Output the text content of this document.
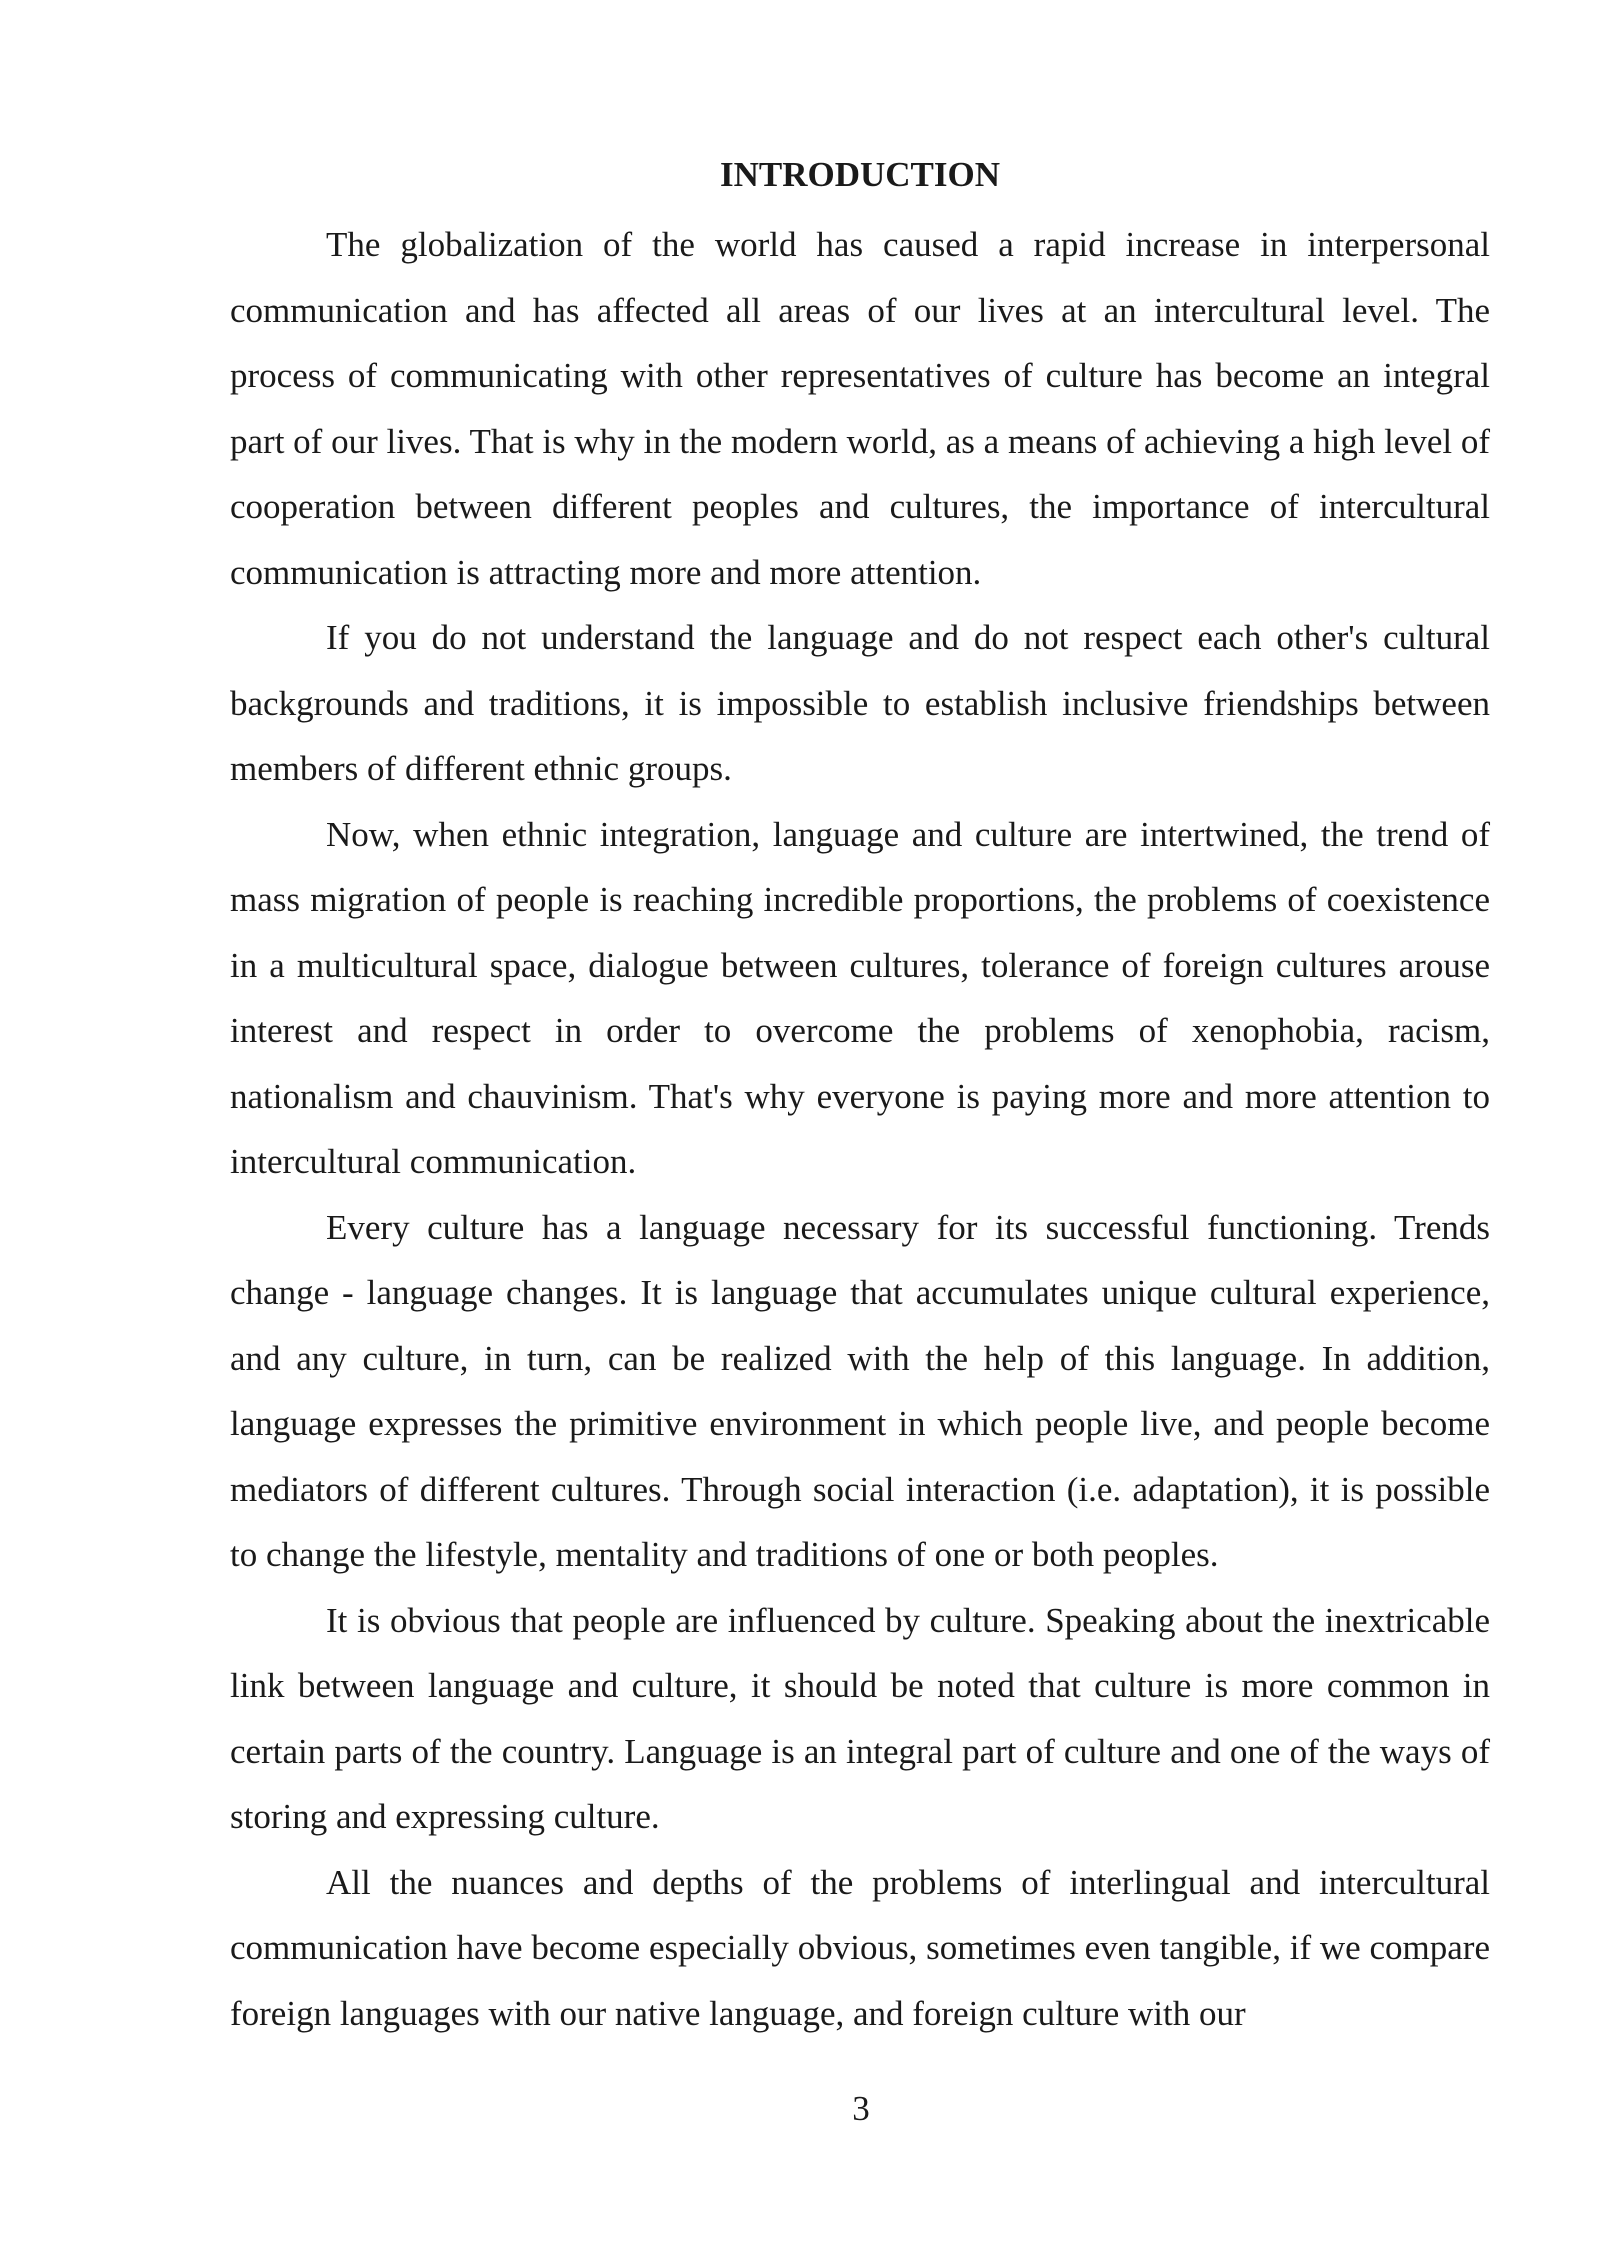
INTRODUCTION

The globalization of the world has caused a rapid increase in interpersonal communication and has affected all areas of our lives at an intercultural level. The process of communicating with other representatives of culture has become an integral part of our lives. That is why in the modern world, as a means of achieving a high level of cooperation between different peoples and cultures, the importance of intercultural communication is attracting more and more attention.

If you do not understand the language and do not respect each other's cultural backgrounds and traditions, it is impossible to establish inclusive friendships between members of different ethnic groups.

Now, when ethnic integration, language and culture are intertwined, the trend of mass migration of people is reaching incredible proportions, the problems of coexistence in a multicultural space, dialogue between cultures, tolerance of foreign cultures arouse interest and respect in order to overcome the problems of xenophobia, racism, nationalism and chauvinism. That's why everyone is paying more and more attention to intercultural communication.

Every culture has a language necessary for its successful functioning. Trends change - language changes. It is language that accumulates unique cultural experience, and any culture, in turn, can be realized with the help of this language. In addition, language expresses the primitive environment in which people live, and people become mediators of different cultures. Through social interaction (i.e. adaptation), it is possible to change the lifestyle, mentality and traditions of one or both peoples.

It is obvious that people are influenced by culture. Speaking about the inextricable link between language and culture, it should be noted that culture is more common in certain parts of the country. Language is an integral part of culture and one of the ways of storing and expressing culture.

All the nuances and depths of the problems of interlingual and intercultural communication have become especially obvious, sometimes even tangible, if we compare foreign languages with our native language, and foreign culture with our

3
